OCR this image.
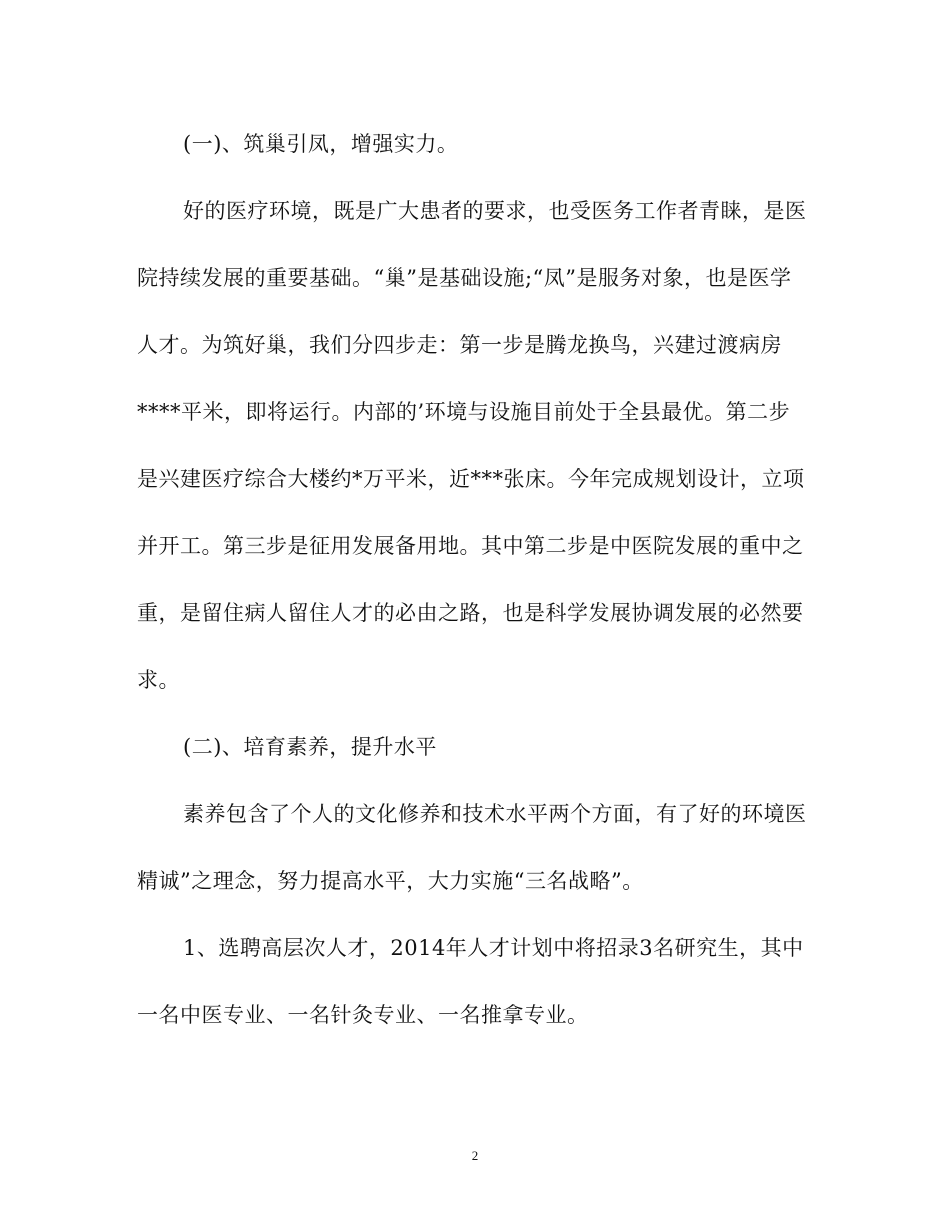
(一)、筑巢引凤，增强实力。
好的医疗环境，既是广大患者的要求，也受医务工作者青睐，是医
院持续发展的重要基础。“巢”是基础设施;“凤”是服务对象，也是医学
人才。为筑好巢，我们分四步走：第一步是腾龙换鸟，兴建过渡病房
****平米，即将运行。内部的’环境与设施目前处于全县最优。第二步
是兴建医疗综合大楼约*万平米，近***张床。今年完成规划设计，立项
并开工。第三步是征用发展备用地。其中第二步是中医院发展的重中之
重，是留住病人留住人才的必由之路，也是科学发展协调发展的必然要
求。
(二)、培育素养，提升水平
素养包含了个人的文化修养和技术水平两个方面，有了好的环境医
精诚”之理念，努力提高水平，大力实施“三名战略”。
1、选聘高层次人才，2014年人才计划中将招录3名研究生，其中
一名中医专业、一名针灸专业、一名推拿专业。
2
